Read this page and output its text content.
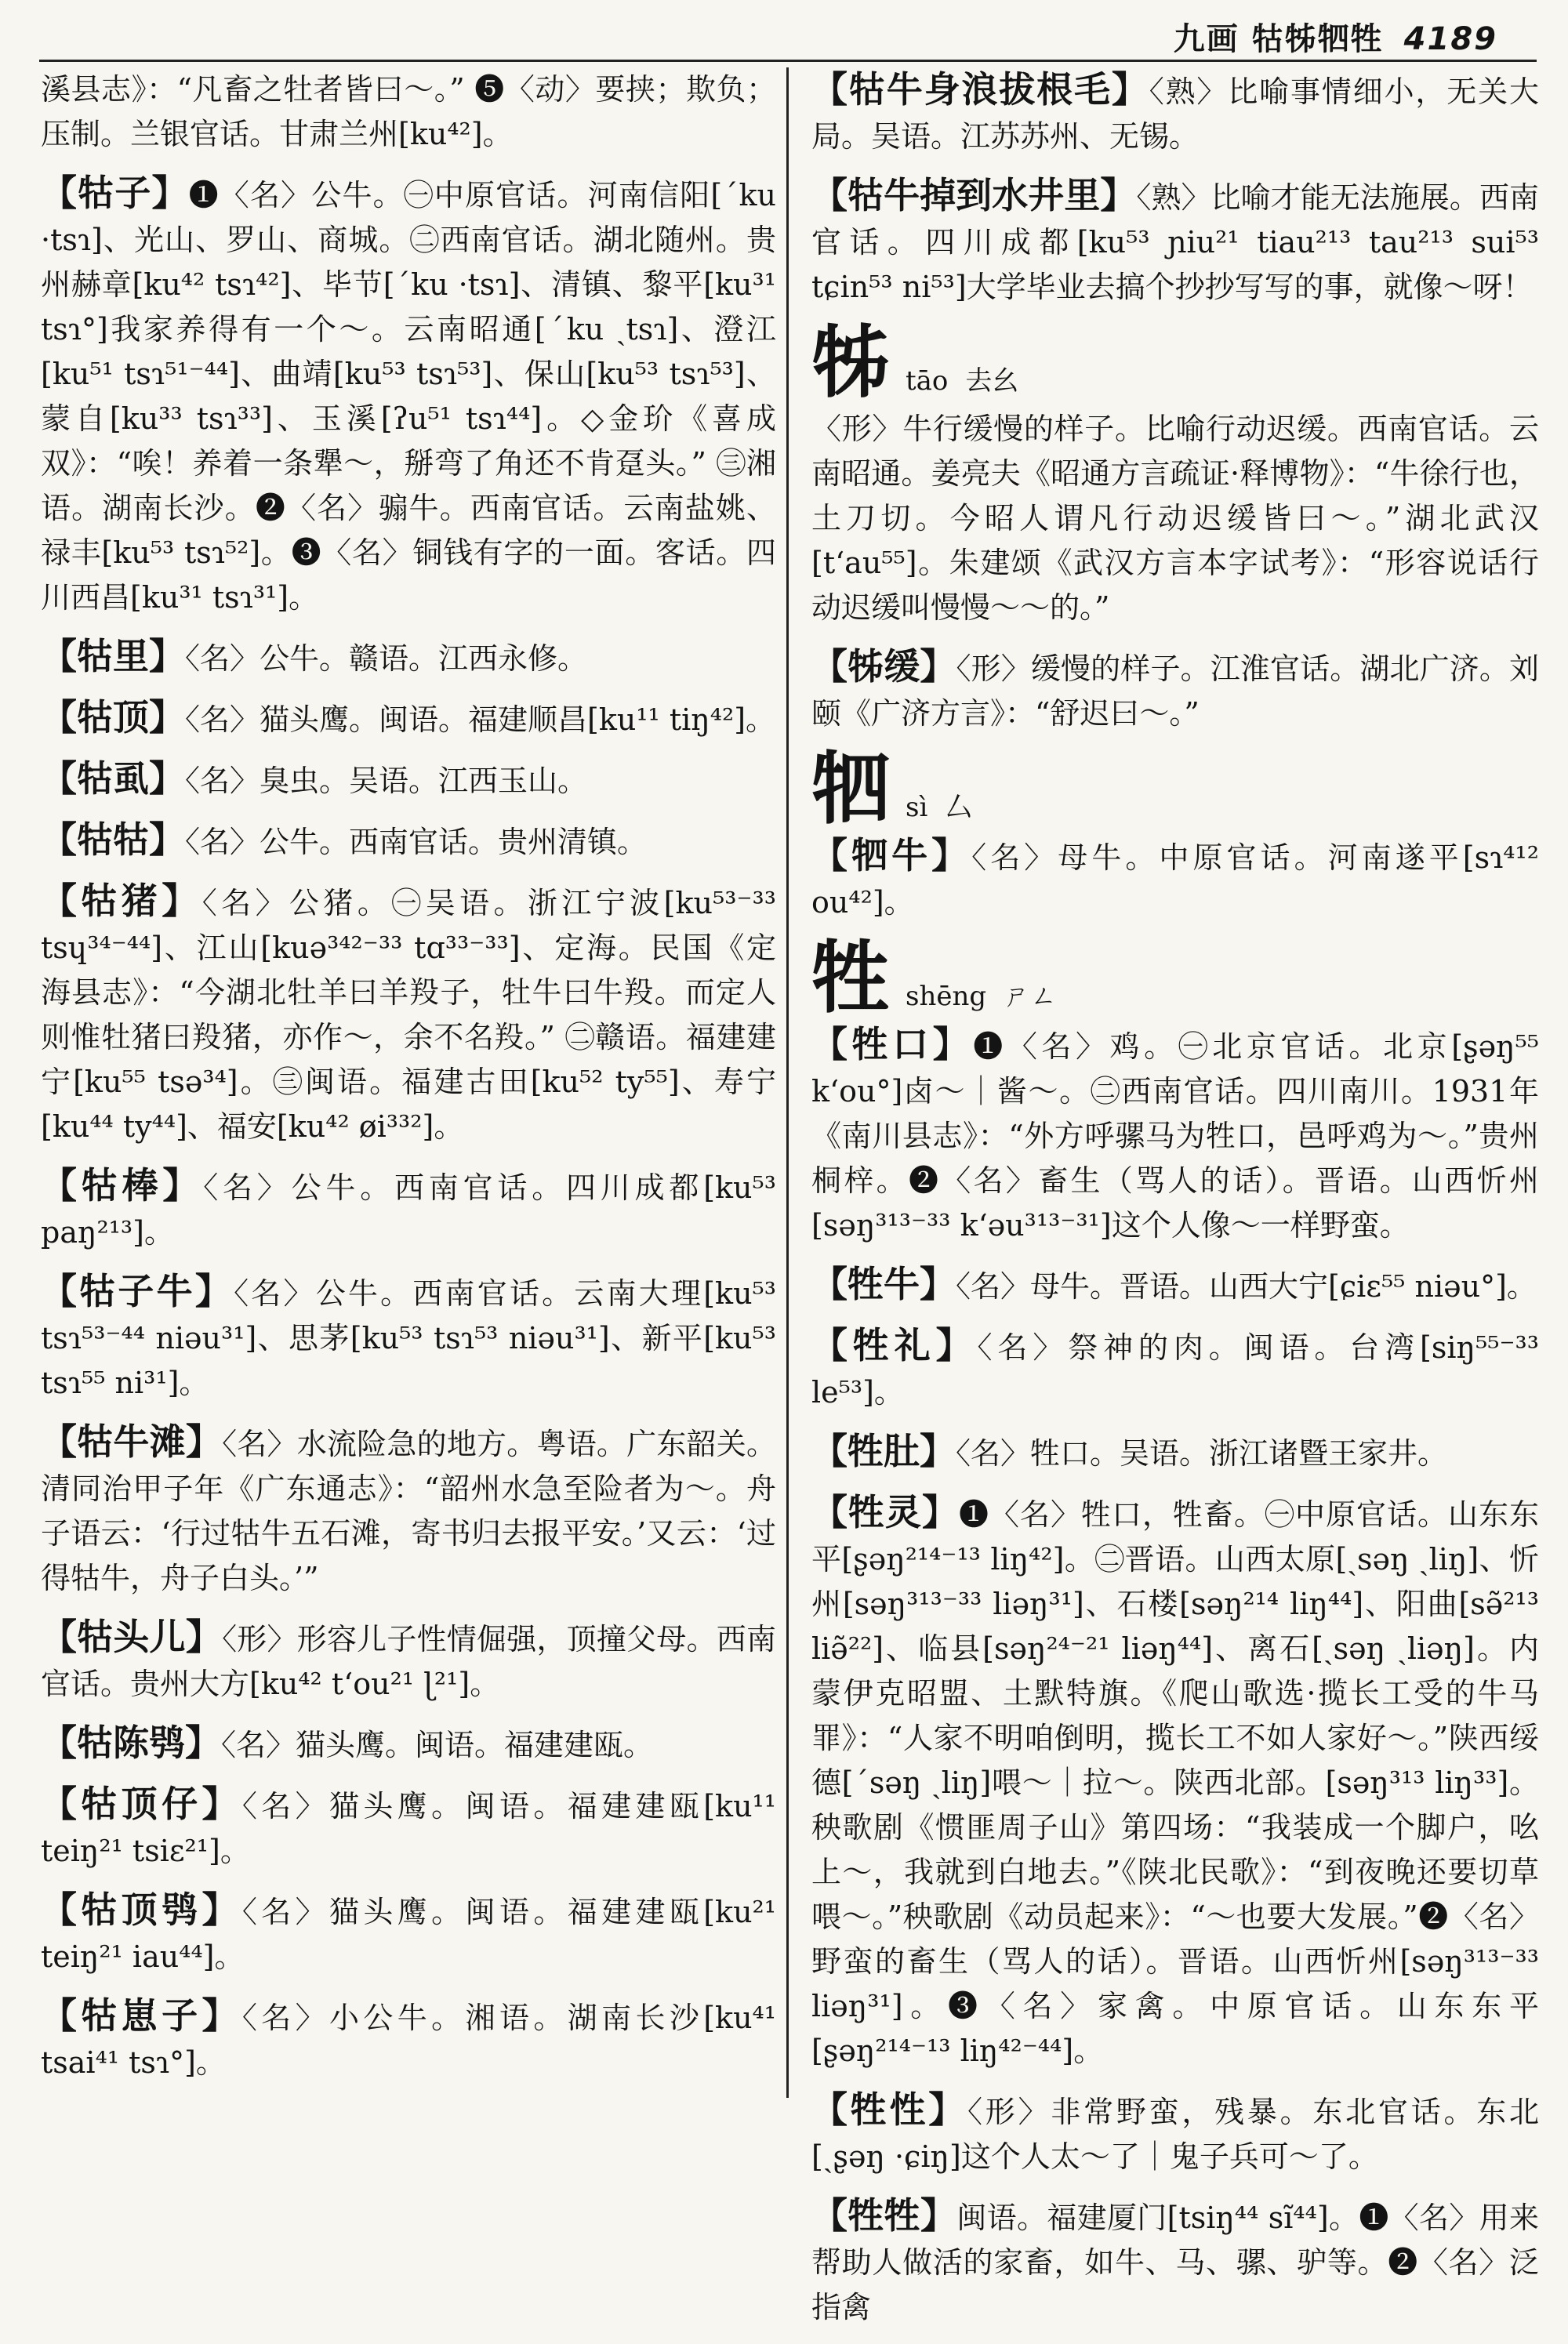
九画 牯牬牭牲 4189

溪县志》：“凡畜之牡者皆曰～。” ❺〈动〉要挟；欺负；压制。兰银官话。甘肃兰州[ku⁴²]。

【牯子】❶〈名〉公牛。㊀中原官话。河南信阳[ˊku ·tsɿ]、光山、罗山、商城。㊁西南官话。湖北随州。贵州赫章[ku⁴² tsɿ⁴²]、毕节[ˊku ·tsɿ]、清镇、黎平[ku³¹ tsɿ°]我家养得有一个～。云南昭通[ˊku ˏtsɿ]、澄江[ku⁵¹ tsɿ⁵¹⁻⁴⁴]、曲靖[ku⁵³ tsɿ⁵³]、保山[ku⁵³ tsɿ⁵³]、蒙自[ku³³ tsɿ³³]、玉溪[ʔu⁵¹ tsɿ⁴⁴]。◇金玠《喜成双》：“唉！养着一条犟～，掰弯了角还不肯趸头。” ㊂湘语。湖南长沙。❷〈名〉骟牛。西南官话。云南盐姚、禄丰[ku⁵³ tsɿ⁵²]。❸〈名〉铜钱有字的一面。客话。四川西昌[ku³¹ tsɿ³¹]。

【牯里】〈名〉公牛。赣语。江西永修。

【牯顶】〈名〉猫头鹰。闽语。福建顺昌[ku¹¹ tiŋ⁴²]。

【牯虱】〈名〉臭虫。吴语。江西玉山。

【牯牯】〈名〉公牛。西南官话。贵州清镇。

【牯猪】〈名〉公猪。㊀吴语。浙江宁波[ku⁵³⁻³³ tsɥ³⁴⁻⁴⁴]、江山[kuə³⁴²⁻³³ tɑ³³⁻³³]、定海。民国《定海县志》：“今湖北牡羊曰羊羖子，牡牛曰牛羖。而定人则惟牡猪曰羖猪，亦作～，余不名羖。” ㊁赣语。福建建宁[ku⁵⁵ tsə³⁴]。㊂闽语。福建古田[ku⁵² ty⁵⁵]、寿宁[ku⁴⁴ ty⁴⁴]、福安[ku⁴² øi³³²]。

【牯棒】〈名〉公牛。西南官话。四川成都[ku⁵³ paŋ²¹³]。

【牯子牛】〈名〉公牛。西南官话。云南大理[ku⁵³ tsɿ⁵³⁻⁴⁴ niəu³¹]、思茅[ku⁵³ tsɿ⁵³ niəu³¹]、新平[ku⁵³ tsɿ⁵⁵ ni³¹]。

【牯牛滩】〈名〉水流险急的地方。粤语。广东韶关。清同治甲子年《广东通志》：“韶州水急至险者为～。舟子语云：‘行过牯牛五石滩，寄书归去报平安。’又云：‘过得牯牛，舟子白头。’”

【牯头儿】〈形〉形容儿子性情倔强，顶撞父母。西南官话。贵州大方[ku⁴² tʻou²¹ ɭ²¹]。

【牯陈鸮】〈名〉猫头鹰。闽语。福建建瓯。

【牯顶仔】〈名〉猫头鹰。闽语。福建建瓯[ku¹¹ teiŋ²¹ tsiɛ²¹]。

【牯顶鸮】〈名〉猫头鹰。闽语。福建建瓯[ku²¹ teiŋ²¹ iau⁴⁴]。

【牯崽子】〈名〉小公牛。湘语。湖南长沙[ku⁴¹ tsai⁴¹ tsɿ°]。

【牯牛身浪拔根毛】〈熟〉比喻事情细小，无关大局。吴语。江苏苏州、无锡。

【牯牛掉到水井里】〈熟〉比喻才能无法施展。西南官话。四川成都[ku⁵³ ɲiu²¹ tiau²¹³ tau²¹³ sui⁵³ tɕin⁵³ ni⁵³]大学毕业去搞个抄抄写写的事，就像～呀！

牬 tāo 去幺

〈形〉牛行缓慢的样子。比喻行动迟缓。西南官话。云南昭通。姜亮夫《昭通方言疏证·释博物》：“牛徐行也，土刀切。今昭人谓凡行动迟缓皆曰～。”湖北武汉[tʻau⁵⁵]。朱建颂《武汉方言本字试考》：“形容说话行动迟缓叫慢慢～～的。”

【牬缓】〈形〉缓慢的样子。江淮官话。湖北广济。刘颐《广济方言》：“舒迟曰～。”

牭 sì 厶

【牭牛】〈名〉母牛。中原官话。河南遂平[sɿ⁴¹² ou⁴²]。

牲 shēng ㄕㄥ

【牲口】❶〈名〉鸡。㊀北京官话。北京[ʂəŋ⁵⁵ kʻou°]卤～｜酱～。㊁西南官话。四川南川。1931年《南川县志》：“外方呼骡马为牲口，邑呼鸡为～。”贵州桐梓。❷〈名〉畜生（骂人的话）。晋语。山西忻州[səŋ³¹³⁻³³ kʻəu³¹³⁻³¹]这个人像～一样野蛮。

【牲牛】〈名〉母牛。晋语。山西大宁[ɕiɛ⁵⁵ niəu°]。

【牲礼】〈名〉祭神的肉。闽语。台湾[siŋ⁵⁵⁻³³ le⁵³]。

【牲肚】〈名〉牲口。吴语。浙江诸暨王家井。

【牲灵】❶〈名〉牲口，牲畜。㊀中原官话。山东东平[ʂəŋ²¹⁴⁻¹³ liŋ⁴²]。㊁晋语。山西太原[ˏsəŋ ˏliŋ]、忻州[səŋ³¹³⁻³³ liəŋ³¹]、石楼[səŋ²¹⁴ liŋ⁴⁴]、阳曲[sə̃²¹³ liə̃²²]、临县[səŋ²⁴⁻²¹ liəŋ⁴⁴]、离石[ˏsəŋ ˏliəŋ]。内蒙伊克昭盟、土默特旗。《爬山歌选·揽长工受的牛马罪》：“人家不明咱倒明，揽长工不如人家好～。”陕西绥德[ˊsəŋ ˏliŋ]喂～｜拉～。陕西北部。[səŋ³¹³ liŋ³³]。秧歌剧《惯匪周子山》第四场：“我装成一个脚户，吆上～，我就到白地去。”《陕北民歌》：“到夜晚还要切草喂～。”秧歌剧《动员起来》：“～也要大发展。”❷〈名〉野蛮的畜生（骂人的话）。晋语。山西忻州[səŋ³¹³⁻³³ liəŋ³¹]。❸〈名〉家禽。中原官话。山东东平[ʂəŋ²¹⁴⁻¹³ liŋ⁴²⁻⁴⁴]。

【牲性】〈形〉非常野蛮，残暴。东北官话。东北[ˏʂəŋ ·ɕiŋ]这个人太～了｜鬼子兵可～了。

【牲牲】闽语。福建厦门[tsiŋ⁴⁴ sĩ⁴⁴]。❶〈名〉用来帮助人做活的家畜，如牛、马、骡、驴等。❷〈名〉泛指禽
